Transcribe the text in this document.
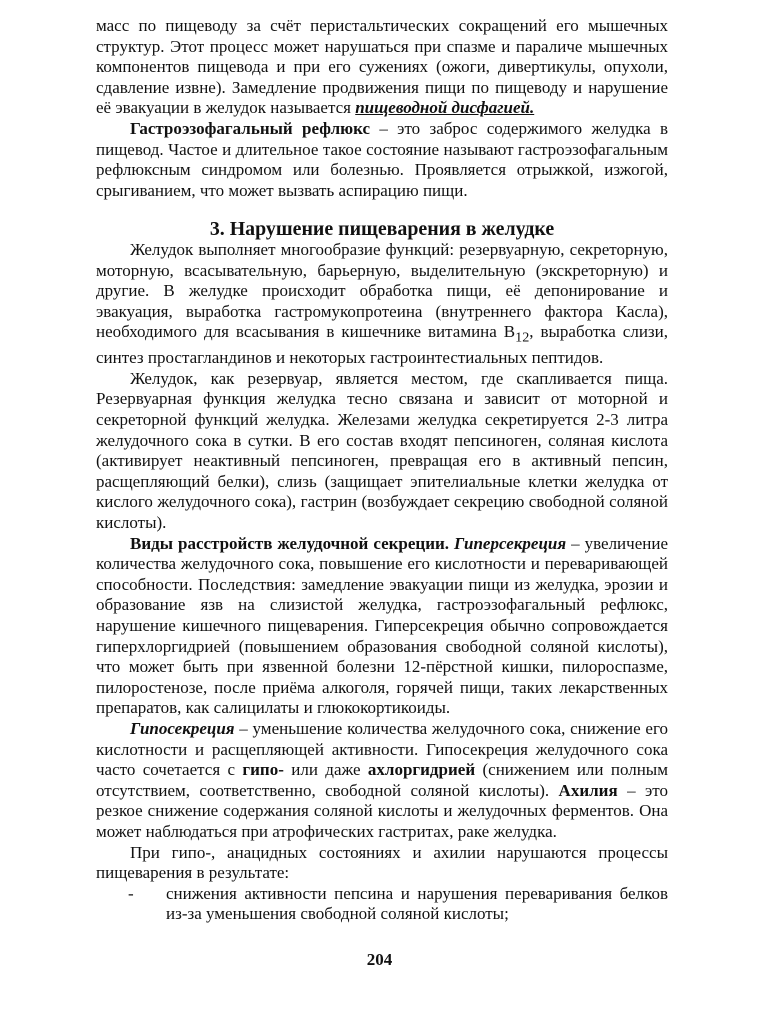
масс по пищеводу за счёт перистальтических сокращений его мышечных структур. Этот процесс может нарушаться при спазме и параличе мышечных компонентов пищевода и при его сужениях (ожоги, дивертикулы, опухоли, сдавление извне). Замедление продвижения пищи по пищеводу и нарушение её эвакуации в желудок называется пищеводной дисфагией.

Гастроэзофагальный рефлюкс – это заброс содержимого желудка в пищевод. Частое и длительное такое состояние называют гастроэзофагальным рефлюксным синдромом или болезнью. Проявляется отрыжкой, изжогой, срыгиванием, что может вызвать аспирацию пищи.

3. Нарушение пищеварения в желудке

Желудок выполняет многообразие функций: резервуарную, секреторную, моторную, всасывательную, барьерную, выделительную (экскреторную) и другие. В желудке происходит обработка пищи, её депонирование и эвакуация, выработка гастромукопротеина (внутреннего фактора Касла), необходимого для всасывания в кишечнике витамина $В_{12}$, выработка слизи, синтез простагландинов и некоторых гастроинтестиальных пептидов.

Желудок, как резервуар, является местом, где скапливается пища. Резервуарная функция желудка тесно связана и зависит от моторной и секреторной функций желудка. Железами желудка секретируется 2-3 литра желудочного сока в сутки. В его состав входят пепсиноген, соляная кислота (активирует неактивный пепсиноген, превращая его в активный пепсин, расщепляющий белки), слизь (защищает эпителиальные клетки желудка от кислого желудочного сока), гастрин (возбуждает секрецию свободной соляной кислоты).

Виды расстройств желудочной секреции. Гиперсекреция – увеличение количества желудочного сока, повышение его кислотности и переваривающей способности. Последствия: замедление эвакуации пищи из желудка, эрозии и образование язв на слизистой желудка, гастроэзофагальный рефлюкс, нарушение кишечного пищеварения. Гиперсекреция обычно сопровождается гиперхлоргидрией (повышением образования свободной соляной кислоты), что может быть при язвенной болезни 12-пёрстной кишки, пилороспазме, пилоростенозе, после приёма алкоголя, горячей пищи, таких лекарственных препаратов, как салицилаты и глюкокортикоиды.

Гипосекреция – уменьшение количества желудочного сока, снижение его кислотности и расщепляющей активности. Гипосекреция желудочного сока часто сочетается с гипо- или даже ахлоргидрией (снижением или полным отсутствием, соответственно, свободной соляной кислоты). Ахилия – это резкое снижение содержания соляной кислоты и желудочных ферментов. Она может наблюдаться при атрофических гастритах, раке желудка.

При гипо-, анацидных состояниях и ахилии нарушаются процессы пищеварения в результате:

- снижения активности пепсина и нарушения переваривания белков из-за уменьшения свободной соляной кислоты;

204
